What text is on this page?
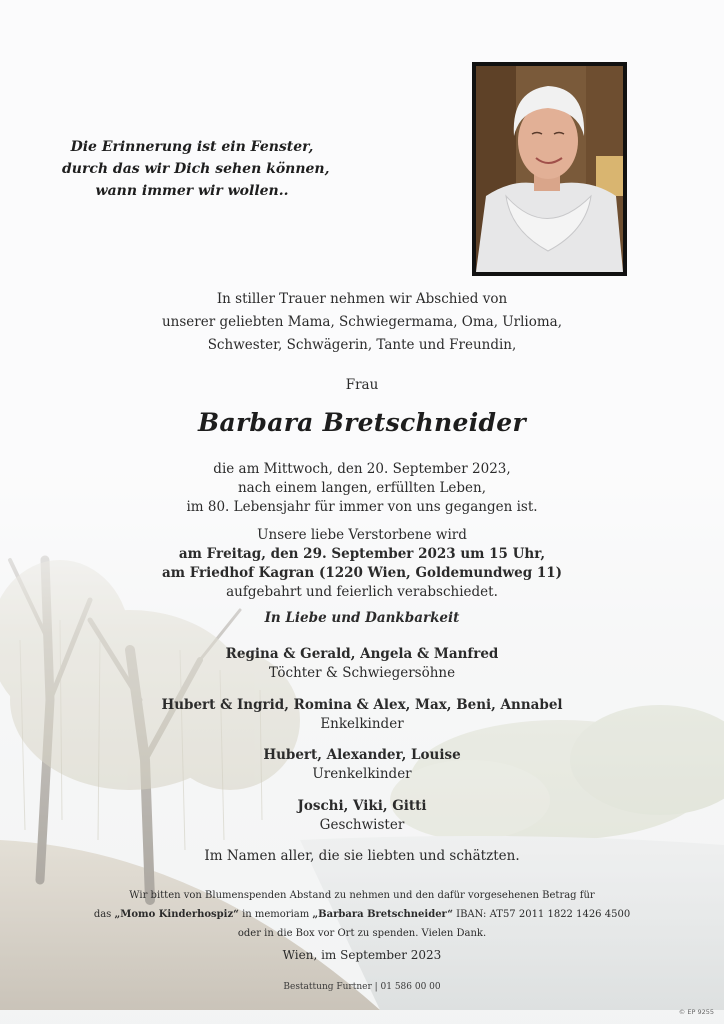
Die Erinnerung ist ein Fenster,
durch das wir Dich sehen können,
wann immer wir wollen..
In stiller Trauer nehmen wir Abschied von
unserer geliebten Mama, Schwiegermama, Oma, Urlioma,
Schwester, Schwägerin, Tante und Freundin,
Frau
Barbara Bretschneider
die am Mittwoch, den 20. September 2023,
nach einem langen, erfüllten Leben,
im 80. Lebensjahr für immer von uns gegangen ist.
Unsere liebe Verstorbene wird
am Freitag, den 29. September 2023 um 15 Uhr,
am Friedhof Kagran (1220 Wien, Goldemundweg 11)
aufgebahrt und feierlich verabschiedet.
In Liebe und Dankbarkeit
Regina & Gerald, Angela & Manfred
Töchter & Schwiegersöhne
Hubert & Ingrid, Romina & Alex, Max, Beni, Annabel
Enkelkinder
Hubert, Alexander, Louise
Urenkelkinder
Joschi, Viki, Gitti
Geschwister
Im Namen aller, die sie liebten und schätzten.
Wir bitten von Blumenspenden Abstand zu nehmen und den dafür vorgesehenen Betrag für
das „Momo Kinderhospiz“ in memoriam „Barbara Bretschneider“ IBAN: AT57 2011 1822 1426 4500
oder in die Box vor Ort zu spenden. Vielen Dank.
Wien, im September 2023
Bestattung Furtner | 01 586 00 00
© EP 9255
